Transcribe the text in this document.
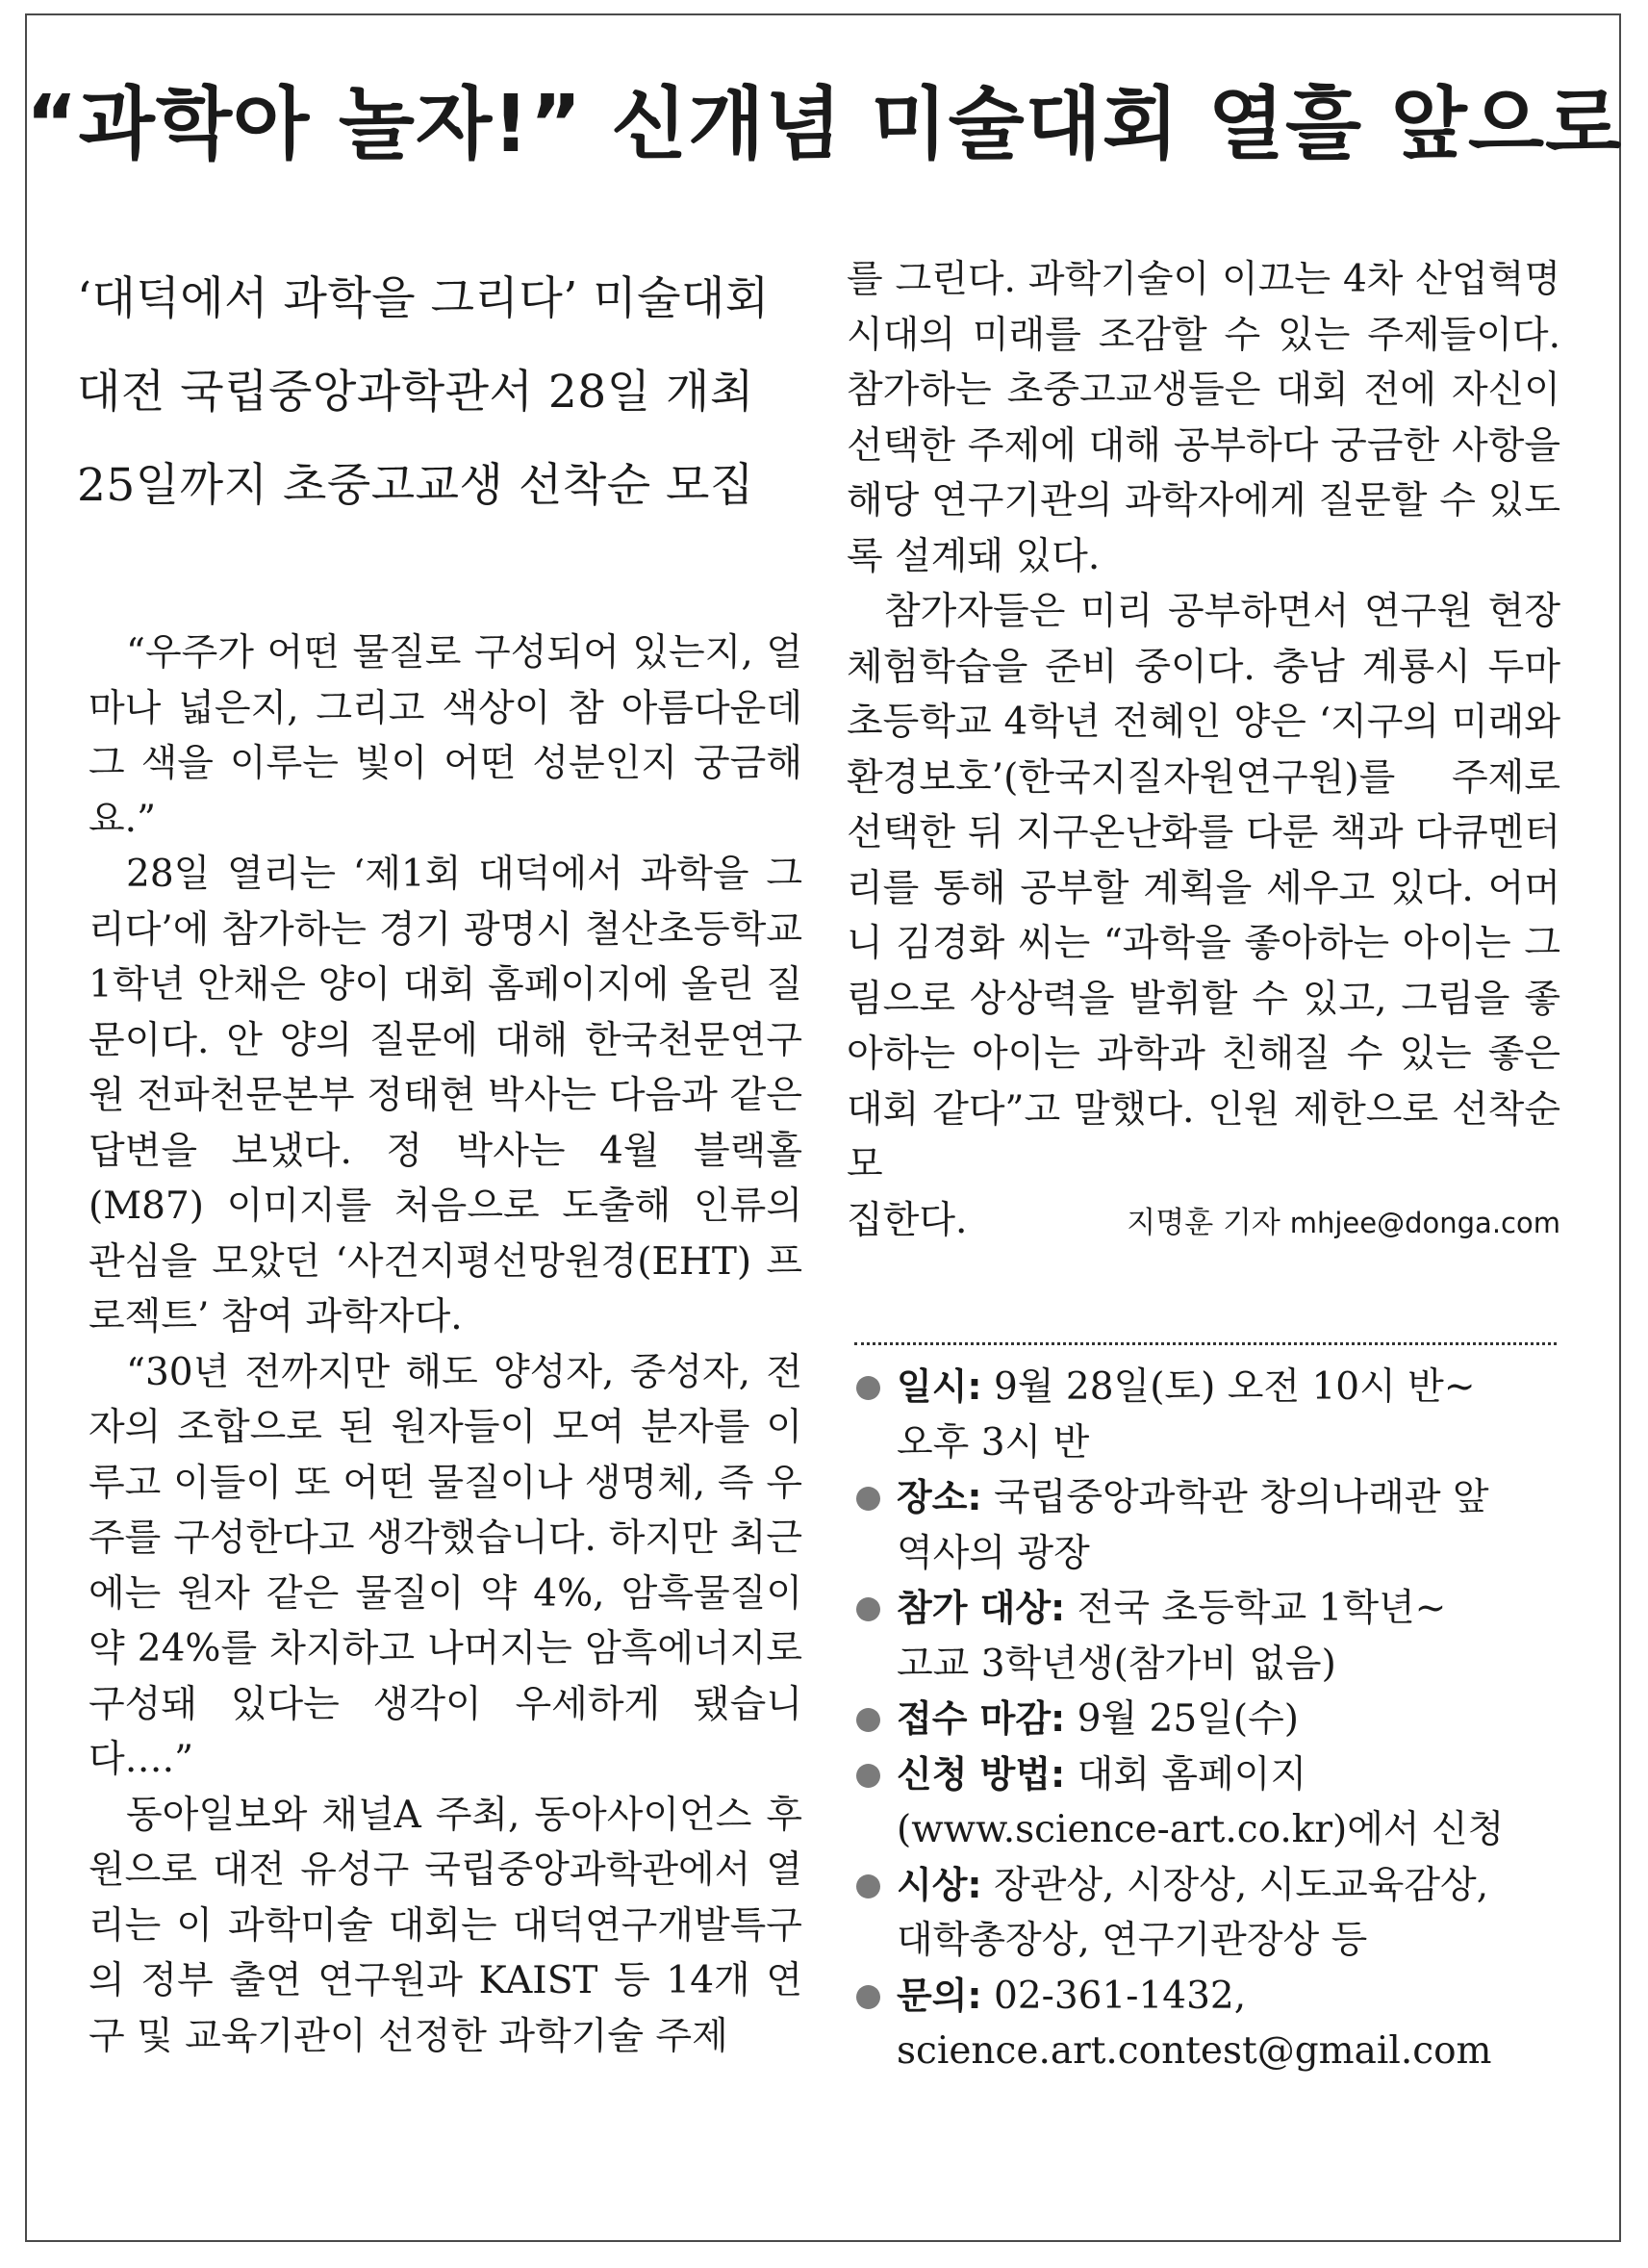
“과학아 놀자!” 신개념 미술대회 열흘 앞으로
‘대덕에서 과학을 그리다’ 미술대회
대전 국립중앙과학관서 28일 개최
25일까지 초중고교생 선착순 모집

“우주가 어떤 물질로 구성되어 있는지, 얼마나 넓은지, 그리고 색상이 참 아름다운데 그 색을 이루는 빛이 어떤 성분인지 궁금해요.”

28일 열리는 ‘제1회 대덕에서 과학을 그리다’에 참가하는 경기 광명시 철산초등학교 1학년 안채은 양이 대회 홈페이지에 올린 질문이다. 안 양의 질문에 대해 한국천문연구원 전파천문본부 정태현 박사는 다음과 같은 답변을 보냈다. 정 박사는 4월 블랙홀(M87) 이미지를 처음으로 도출해 인류의 관심을 모았던 ‘사건지평선망원경(EHT) 프로젝트’ 참여 과학자다.

“30년 전까지만 해도 양성자, 중성자, 전자의 조합으로 된 원자들이 모여 분자를 이루고 이들이 또 어떤 물질이나 생명체, 즉 우주를 구성한다고 생각했습니다. 하지만 최근에는 원자 같은 물질이 약 4%, 암흑물질이 약 24%를 차지하고 나머지는 암흑에너지로 구성돼 있다는 생각이 우세하게 됐습니다….”

동아일보와 채널A 주최, 동아사이언스 후원으로 대전 유성구 국립중앙과학관에서 열리는 이 과학미술 대회는 대덕연구개발특구의 정부 출연 연구원과 KAIST 등 14개 연구 및 교육기관이 선정한 과학기술 주제

를 그린다. 과학기술이 이끄는 4차 산업혁명 시대의 미래를 조감할 수 있는 주제들이다. 참가하는 초중고교생들은 대회 전에 자신이 선택한 주제에 대해 공부하다 궁금한 사항을 해당 연구기관의 과학자에게 질문할 수 있도록 설계돼 있다.

참가자들은 미리 공부하면서 연구원 현장 체험학습을 준비 중이다. 충남 계룡시 두마초등학교 4학년 전혜인 양은 ‘지구의 미래와 환경보호’(한국지질자원연구원)를 주제로 선택한 뒤 지구온난화를 다룬 책과 다큐멘터리를 통해 공부할 계획을 세우고 있다. 어머니 김경화 씨는 “과학을 좋아하는 아이는 그림으로 상상력을 발휘할 수 있고, 그림을 좋아하는 아이는 과학과 친해질 수 있는 좋은 대회 같다”고 말했다. 인원 제한으로 선착순 모

집한다.	지명훈 기자 mhjee@donga.com
일시: 9월 28일(토) 오전 10시 반~
오후 3시 반
장소: 국립중앙과학관 창의나래관 앞
역사의 광장
참가 대상: 전국 초등학교 1학년~
고교 3학년생(참가비 없음)
접수 마감: 9월 25일(수)
신청 방법: 대회 홈페이지
(www.science-art.co.kr)에서 신청
시상: 장관상, 시장상, 시도교육감상,
대학총장상, 연구기관장상 등
문의: 02-361-1432,
science.art.contest@gmail.com
